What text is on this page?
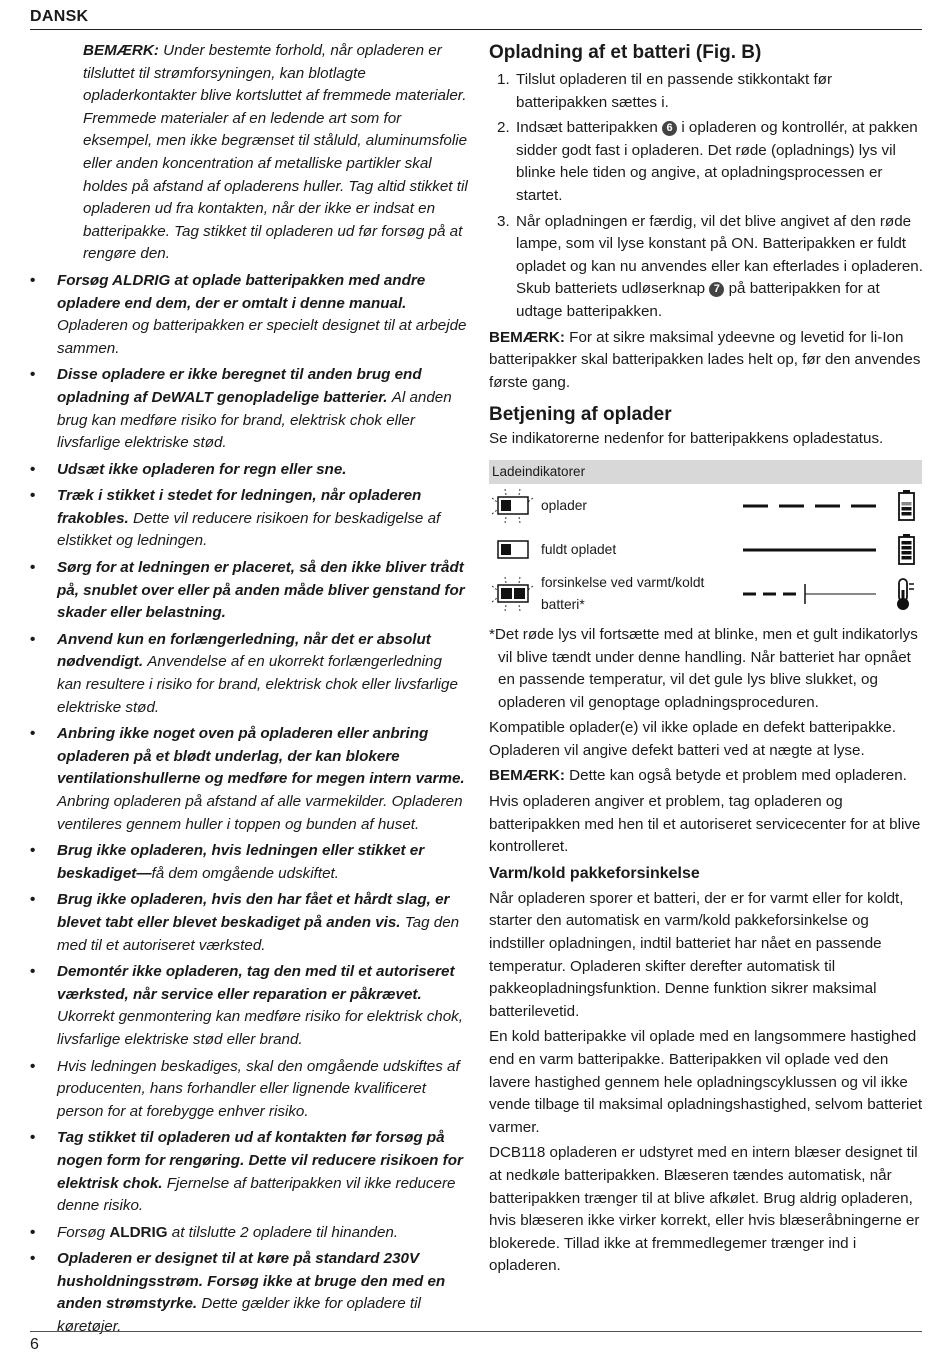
DANSK
BEMÆRK: Under bestemte forhold, når opladeren er tilsluttet til strømforsyningen, kan blotlagte opladerkontakter blive kortsluttet af fremmede materialer. Fremmede materialer af en ledende art som for eksempel, men ikke begrænset til ståluld, aluminumsfolie eller anden koncentration af metalliske partikler skal holdes på afstand af opladerens huller. Tag altid stikket til opladeren ud fra kontakten, når der ikke er indsat en batteripakke. Tag stikket til opladeren ud før forsøg på at rengøre den.
• Forsøg ALDRIG at oplade batteripakken med andre opladere end dem, der er omtalt i denne manual. Opladeren og batteripakken er specielt designet til at arbejde sammen.
• Disse opladere er ikke beregnet til anden brug end opladning af DeWALT genopladelige batterier. Al anden brug kan medføre risiko for brand, elektrisk chok eller livsfarlige elektriske stød.
• Udsæt ikke opladeren for regn eller sne.
• Træk i stikket i stedet for ledningen, når opladeren frakobles. Dette vil reducere risikoen for beskadigelse af elstikket og ledningen.
• Sørg for at ledningen er placeret, så den ikke bliver trådt på, snublet over eller på anden måde bliver genstand for skader eller belastning.
• Anvend kun en forlængerledning, når det er absolut nødvendigt. Anvendelse af en ukorrekt forlængerledning kan resultere i risiko for brand, elektrisk chok eller livsfarlige elektriske stød.
• Anbring ikke noget oven på opladeren eller anbring opladeren på et blødt underlag, der kan blokere ventilationshullerne og medføre for megen intern varme. Anbring opladeren på afstand af alle varmekilder. Opladeren ventileres gennem huller i toppen og bunden af huset.
• Brug ikke opladeren, hvis ledningen eller stikket er beskadiget—få dem omgående udskiftet.
• Brug ikke opladeren, hvis den har fået et hårdt slag, er blevet tabt eller blevet beskadiget på anden vis. Tag den med til et autoriseret værksted.
• Demontér ikke opladeren, tag den med til et autoriseret værksted, når service eller reparation er påkrævet. Ukorrekt genmontering kan medføre risiko for elektrisk chok, livsfarlige elektriske stød eller brand.
• Hvis ledningen beskadiges, skal den omgående udskiftes af producenten, hans forhandler eller lignende kvalificeret person for at forebygge enhver risiko.
• Tag stikket til opladeren ud af kontakten før forsøg på nogen form for rengøring. Dette vil reducere risikoen for elektrisk chok. Fjernelse af batteripakken vil ikke reducere denne risiko.
• Forsøg ALDRIG at tilslutte 2 opladere til hinanden.
• Opladeren er designet til at køre på standard 230V husholdningsstrøm. Forsøg ikke at bruge den med en anden strømstyrke. Dette gælder ikke for opladere til køretøjer.
Opladning af et batteri (Fig. B)
1. Tilslut opladeren til en passende stikkontakt før batteripakken sættes i.
2. Indsæt batteripakken 6 i opladeren og kontrollér, at pakken sidder godt fast i opladeren. Det røde (opladnings) lys vil blinke hele tiden og angive, at opladningsprocessen er startet.
3. Når opladningen er færdig, vil det blive angivet af den røde lampe, som vil lyse konstant på ON. Batteripakken er fuldt opladet og kan nu anvendes eller kan efterlades i opladeren. Skub batteriets udløserknap 7 på batteripakken for at udtage batteripakken.

BEMÆRK: For at sikre maksimal ydeevne og levetid for li-Ion batteripakker skal batteripakken lades helt op, før den anvendes første gang.

Betjening af oplader

Se indikatorerne nedenfor for batteripakkens opladestatus.

Ladeindikatorer
oplader
fuldt opladet
forsinkelse ved varmt/koldt batteri*

*Det røde lys vil fortsætte med at blinke, men et gult indikatorlys vil blive tændt under denne handling. Når batteriet har opnået en passende temperatur, vil det gule lys blive slukket, og opladeren vil genoptage opladningsproceduren.

Kompatible oplader(e) vil ikke oplade en defekt batteripakke. Opladeren vil angive defekt batteri ved at nægte at lyse.

BEMÆRK: Dette kan også betyde et problem med opladeren.

Hvis opladeren angiver et problem, tag opladeren og batteripakken med hen til et autoriseret servicecenter for at blive kontrolleret.

Varm/kold pakkeforsinkelse

Når opladeren sporer et batteri, der er for varmt eller for koldt, starter den automatisk en varm/kold pakkeforsinkelse og indstiller opladningen, indtil batteriet har nået en passende temperatur. Opladeren skifter derefter automatisk til pakkeopladningsfunktion. Denne funktion sikrer maksimal batterilevetid.

En kold batteripakke vil oplade med en langsommere hastighed end en varm batteripakke. Batteripakken vil oplade ved den lavere hastighed gennem hele opladningscyklussen og vil ikke vende tilbage til maksimal opladningshastighed, selvom batteriet varmer.

DCB118 opladeren er udstyret med en intern blæser designet til at nedkøle batteripakken. Blæseren tændes automatisk, når batteripakken trænger til at blive afkølet. Brug aldrig opladeren, hvis blæseren ikke virker korrekt, eller hvis blæseråbningerne er blokerede. Tillad ikke at fremmedlegemer trænger ind i opladeren.

6
